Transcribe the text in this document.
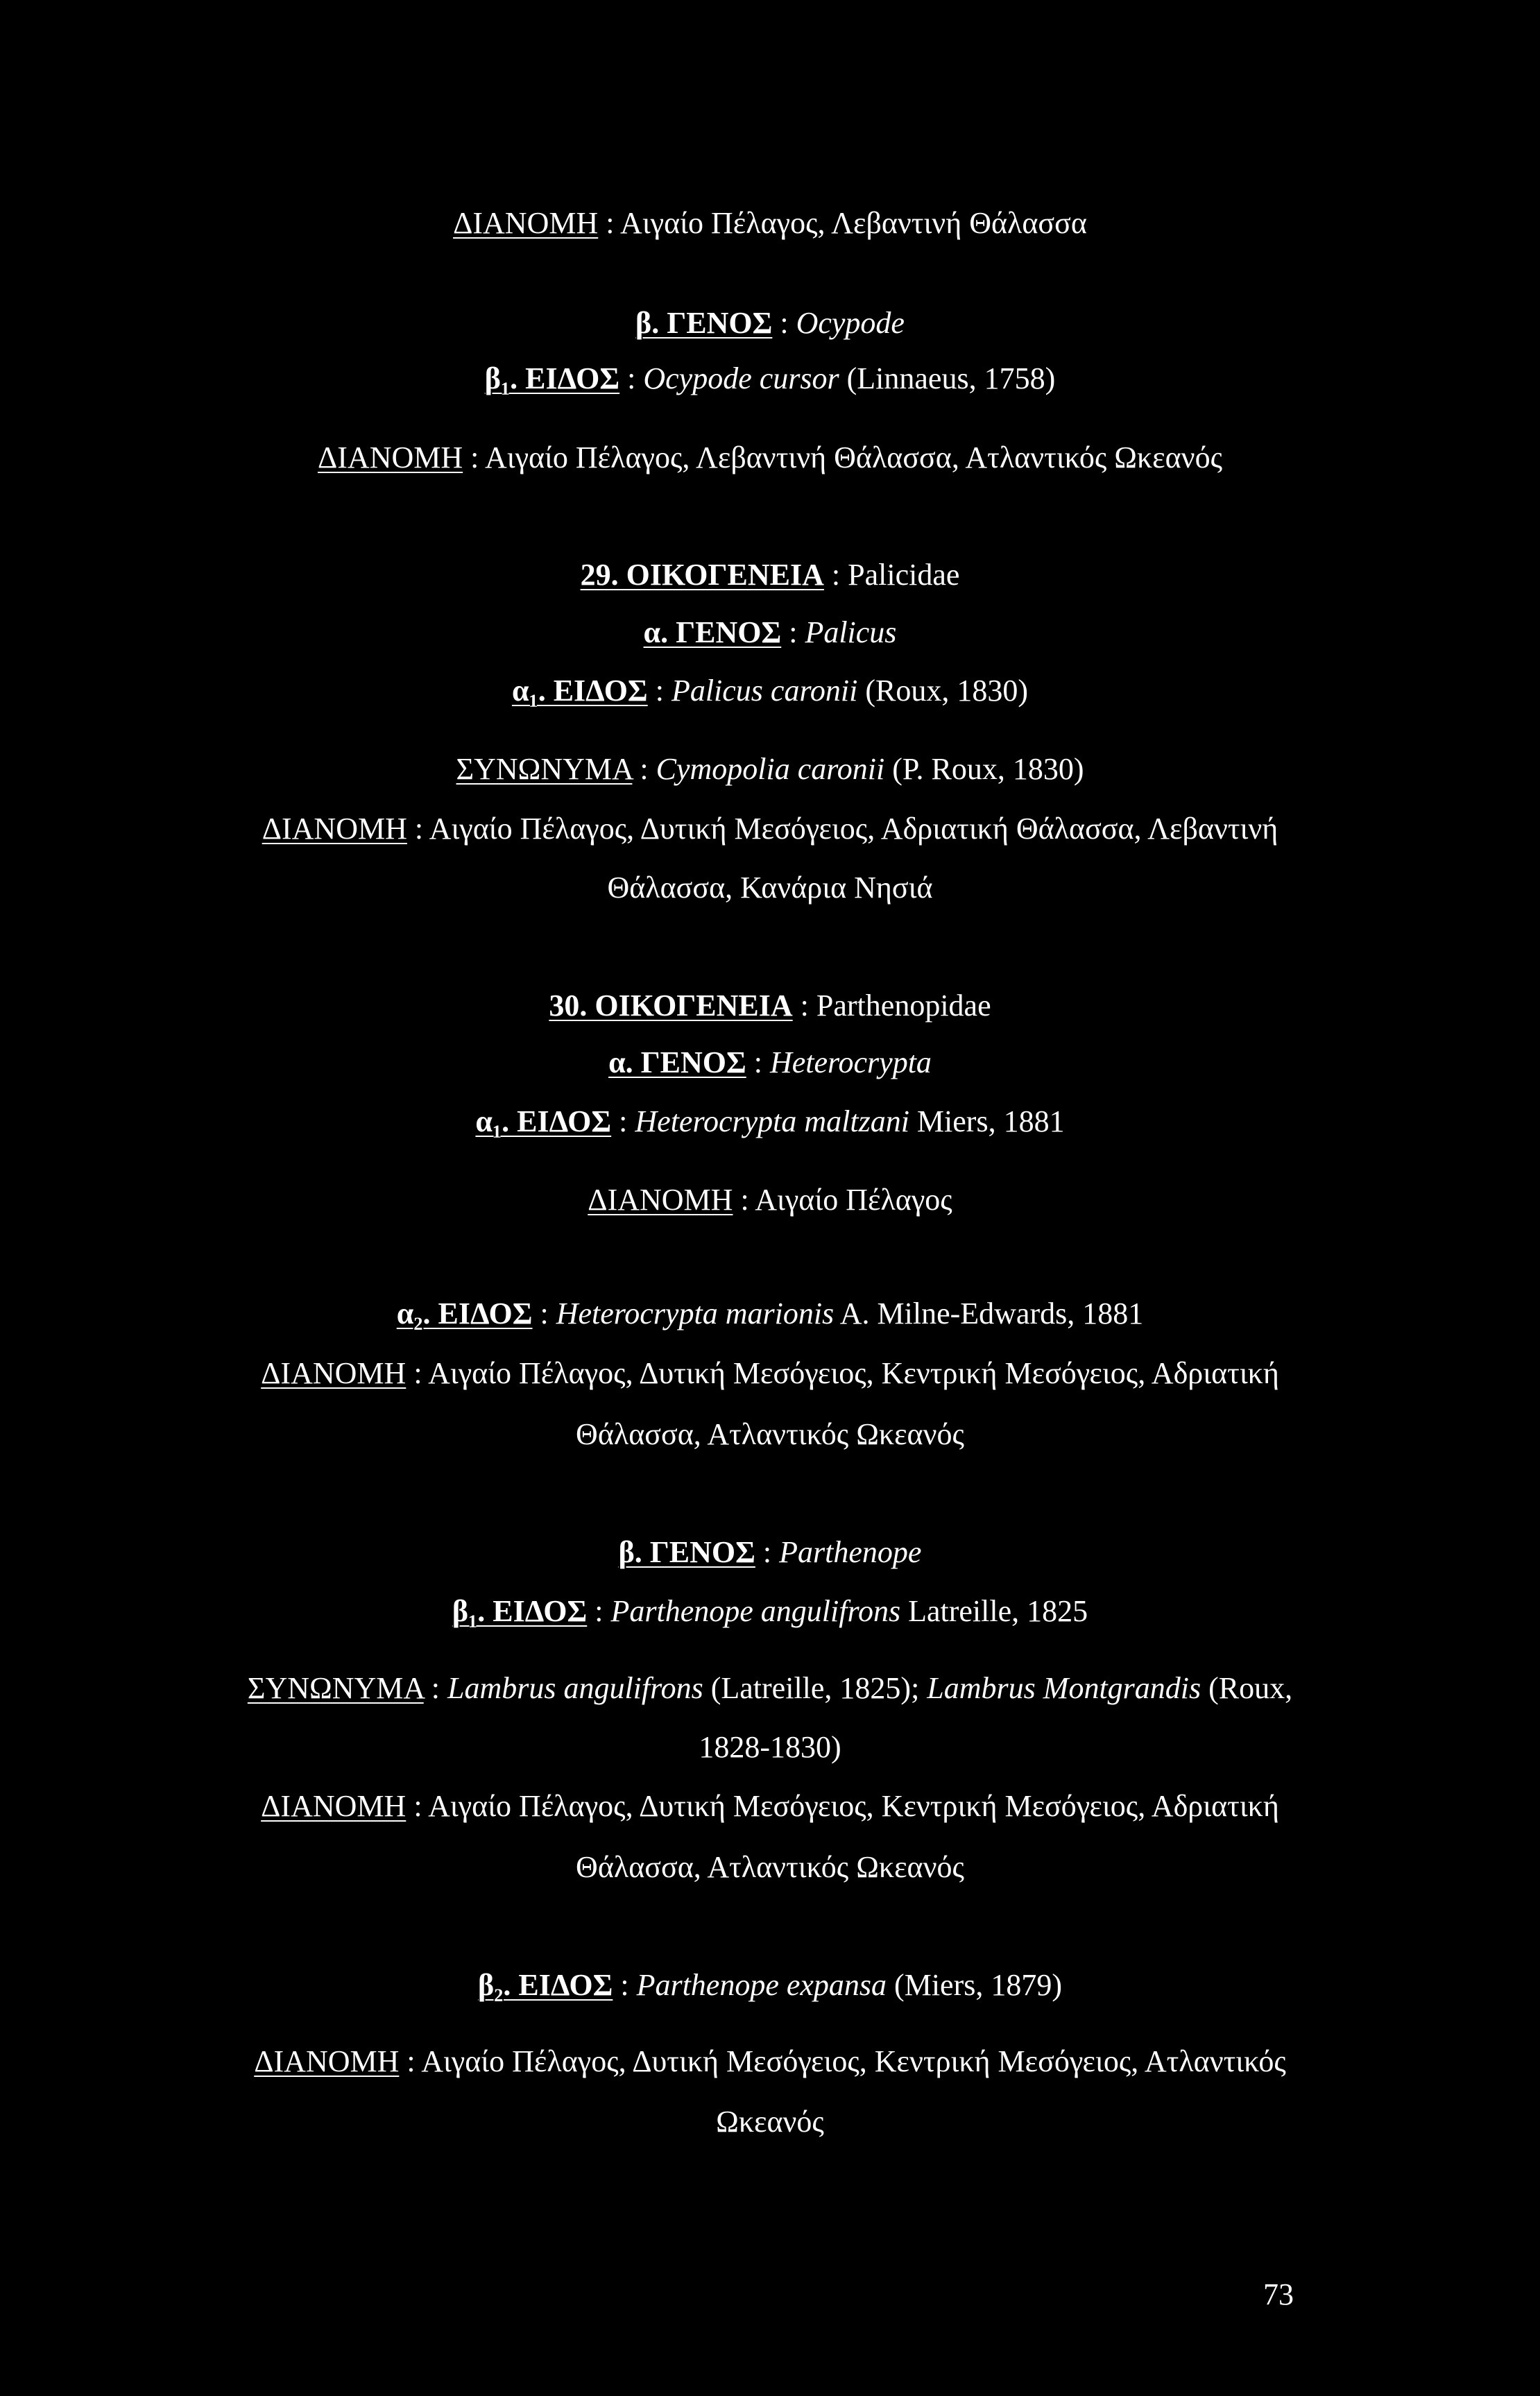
ΔΙΑΝΟΜΗ : Αιγαίο Πέλαγος, Λεβαντινή Θάλασσα
β. ΓΕΝΟΣ : Ocypode
β₁. ΕΙΔΟΣ : Ocypode cursor (Linnaeus, 1758)
ΔΙΑΝΟΜΗ : Αιγαίο Πέλαγος, Λεβαντινή Θάλασσα, Ατλαντικός Ωκεανός
29. ΟΙΚΟΓΕΝΕΙΑ : Palicidae
α. ΓΕΝΟΣ : Palicus
α₁. ΕΙΔΟΣ : Palicus caronii (Roux, 1830)
ΣΥΝΩΝΥΜΑ : Cymopolia caronii (P. Roux, 1830)
ΔΙΑΝΟΜΗ : Αιγαίο Πέλαγος, Δυτική Μεσόγειος, Αδριατική Θάλασσα, Λεβαντινή
Θάλασσα, Κανάρια Νησιά
30. ΟΙΚΟΓΕΝΕΙΑ : Parthenopidae
α. ΓΕΝΟΣ : Heterocrypta
α₁. ΕΙΔΟΣ : Heterocrypta maltzani Miers, 1881
ΔΙΑΝΟΜΗ : Αιγαίο Πέλαγος
α₂. ΕΙΔΟΣ : Heterocrypta marionis A. Milne-Edwards, 1881
ΔΙΑΝΟΜΗ : Αιγαίο Πέλαγος, Δυτική Μεσόγειος, Κεντρική Μεσόγειος, Αδριατική
Θάλασσα, Ατλαντικός Ωκεανός
β. ΓΕΝΟΣ : Parthenope
β₁. ΕΙΔΟΣ : Parthenope angulifrons Latreille, 1825
ΣΥΝΩΝΥΜΑ : Lambrus angulifrons (Latreille, 1825); Lambrus Montgrandis (Roux,
1828-1830)
ΔΙΑΝΟΜΗ : Αιγαίο Πέλαγος, Δυτική Μεσόγειος, Κεντρική Μεσόγειος, Αδριατική
Θάλασσα, Ατλαντικός Ωκεανός
β₂. ΕΙΔΟΣ : Parthenope expansa (Miers, 1879)
ΔΙΑΝΟΜΗ : Αιγαίο Πέλαγος, Δυτική Μεσόγειος, Κεντρική Μεσόγειος, Ατλαντικός
Ωκεανός
73
